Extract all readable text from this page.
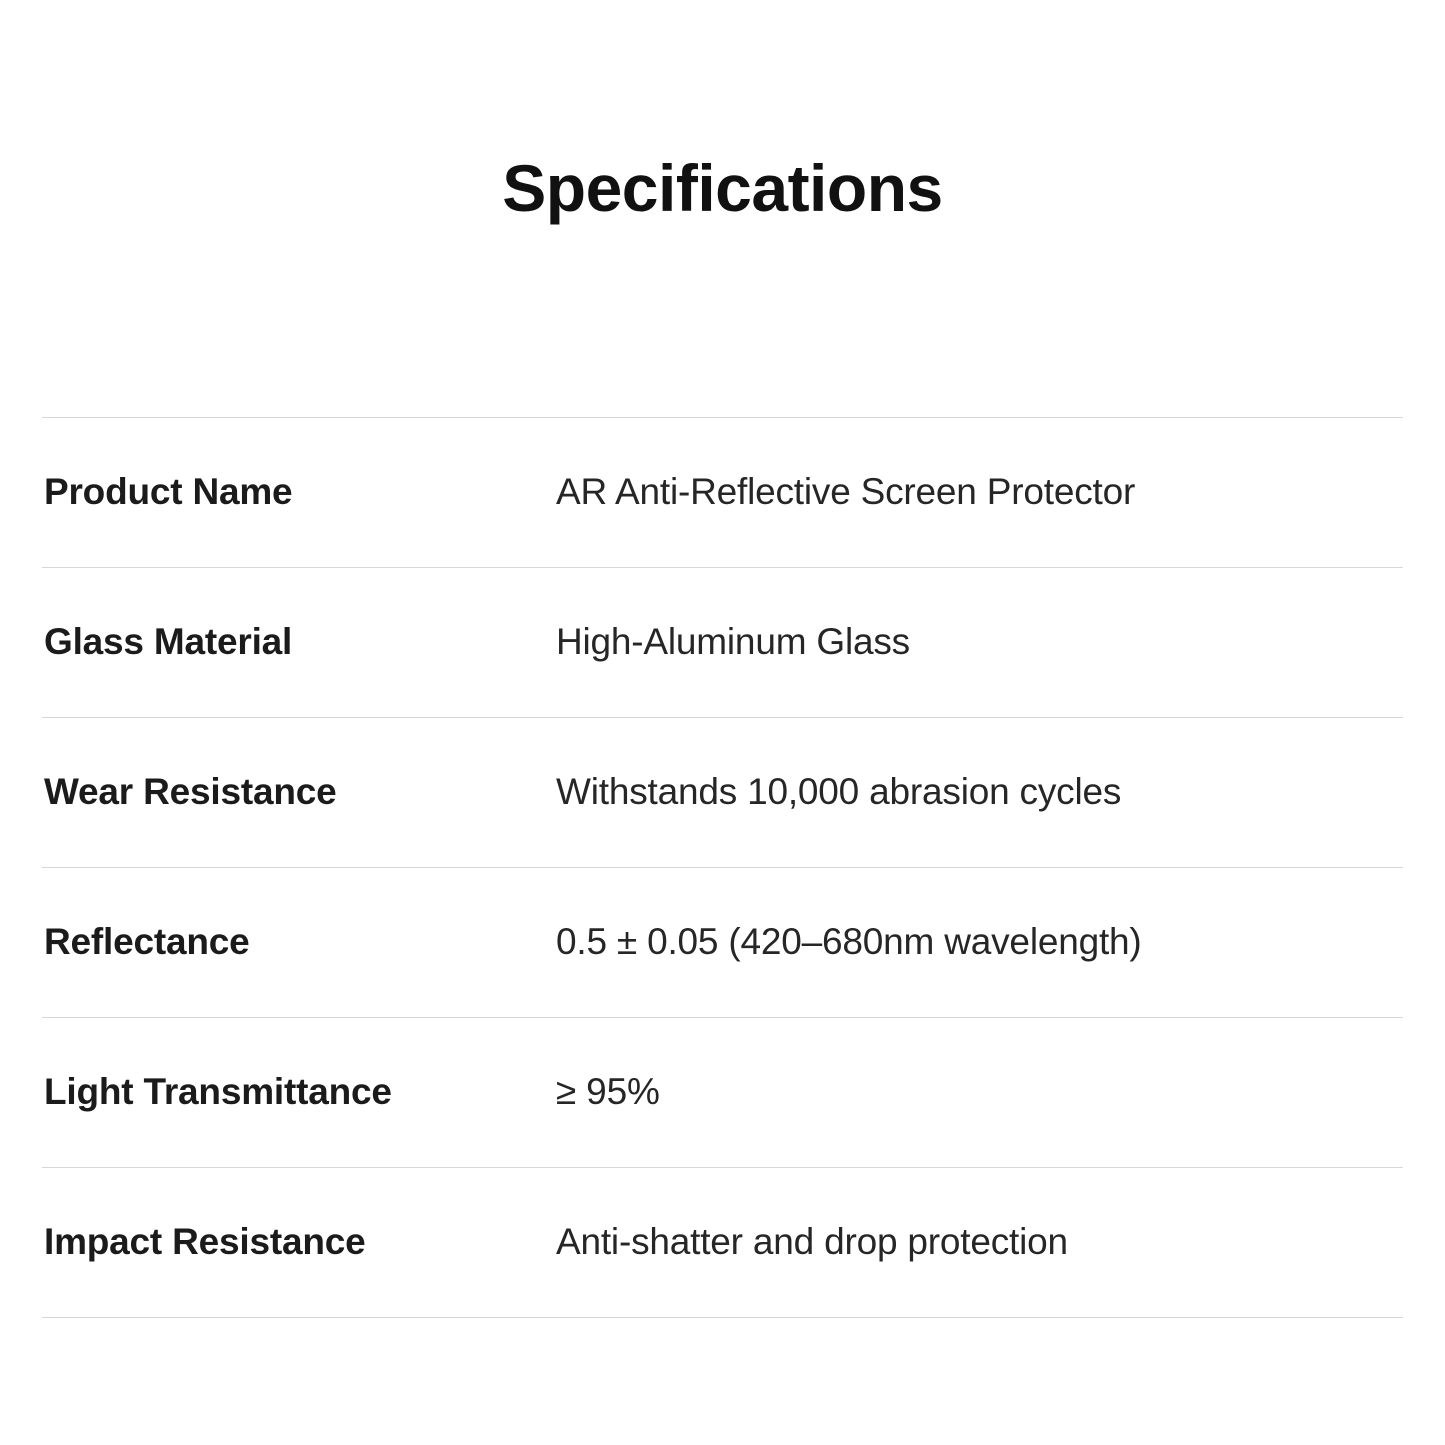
Specifications
Product Name	AR Anti-Reflective Screen Protector
Glass Material	High-Aluminum Glass
Wear Resistance	Withstands 10,000 abrasion cycles
Reflectance	0.5 ± 0.05 (420–680nm wavelength)
Light Transmittance	≥ 95%
Impact Resistance	Anti-shatter and drop protection
